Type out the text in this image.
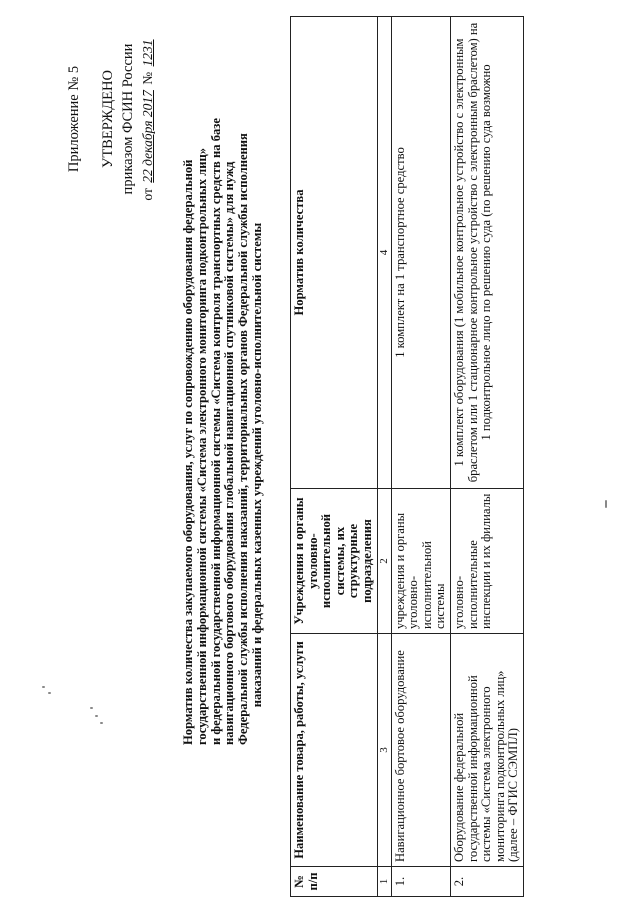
Приложение № 5 УТВЕРЖДЕНО приказом ФСИН России от 22 декабря 2017 № 1231
Норматив количества закупаемого оборудования, услуг по сопровождению оборудования федеральной государственной информационной системы «Система электронного мониторинга подконтрольных лиц» и федеральной государственной информационной системы «Система контроля транспортных средств на базе навигационного бортового оборудования глобальной навигационной спутниковой системы» для нужд Федеральной службы исполнения наказаний, территориальных органов Федеральной службы исполнения наказаний и федеральных казенных учреждений уголовно-исполнительной системы
№ п/п	Наименование товара, работы, услуги	Учреждения и органы уголовно-исполнительной системы, их структурные подразделения	Норматив количества
1	3	2	4
1.	Навигационное бортовое оборудование	учреждения и органы уголовно-исполнительной системы	1 комплект на 1 транспортное средство
2.	Оборудование федеральной государственной информационной системы «Система электронного мониторинга подконтрольных лиц» (далее – ФГИС СЭМПЛ)	уголовно-исполнительные инспекции и их филиалы	1 комплект оборудования (1 мобильное контрольное устройство с электронным браслетом или 1 стационарное контрольное устройство с электронным браслетом) на 1 подконтрольное лицо по решению суда (по решению суда возможно
